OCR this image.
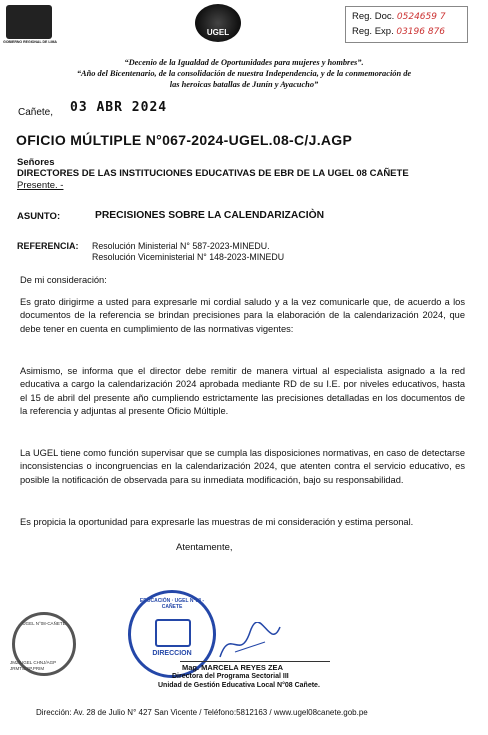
GOBIERNO REGIONAL DE LIMA
UGEL
Reg. Doc. 0524659 7
Reg. Exp. 03196 876
“Decenio de la Igualdad de Oportunidades para mujeres y hombres”.
“Año del Bicentenario, de la consolidación de nuestra Independencia, y de la conmemoración de
las heroicas batallas de Junín y Ayacucho”
Cañete, 03 ABR 2024
OFICIO MÚLTIPLE N°067-2024-UGEL.08-C/J.AGP
Señores
DIRECTORES DE LAS INSTITUCIONES EDUCATIVAS DE EBR DE LA UGEL 08 CAÑETE
Presente. -
ASUNTO:	PRECISIONES SOBRE LA CALENDARIZACIÒN
REFERENCIA: Resolución Ministerial N° 587-2023-MINEDU.
Resolución Viceministerial N° 148-2023-MINEDU
De mi consideración:
Es grato dirigirme a usted para expresarle mi cordial saludo y a la vez comunicarle que, de acuerdo a los documentos de la referencia se brindan precisiones para la elaboración de la calendarización 2024, que debe tener en cuenta en cumplimiento de las normativas vigentes:
Asimismo, se informa que el director debe remitir de manera virtual al especialista asignado a la red educativa a cargo la calendarización 2024 aprobada mediante RD de su I.E. por niveles educativos, hasta el 15 de abril del presente año cumpliendo estrictamente las precisiones detalladas en los documentos de la referencia y adjuntas al presente Oficio Múltiple.
La UGEL tiene como función supervisar que se cumpla las disposiciones normativas, en caso de detectarse inconsistencias o incongruencias en la calendarización 2024, que atenten contra el servicio educativo, es posible la notificación de observada para su inmediata modificación, bajo su responsabilidad.
Es propicia la oportunidad para expresarle las muestras de mi consideración y estima personal.
Atentamente,
UGEL N°08-CAÑETE
JMZ/UGEL CHNJ/AGP JRMT/ESP.PRIM
EDUCACIÓN · UGEL N°08 - CAÑETE
DIRECCION
Mag. MARCELA REYES ZEA
Directora del Programa Sectorial III
Unidad de Gestión Educativa Local N°08 Cañete.
Dirección: Av. 28 de Julio N° 427 San Vicente / Teléfono:5812163 / www.ugel08canete.gob.pe
